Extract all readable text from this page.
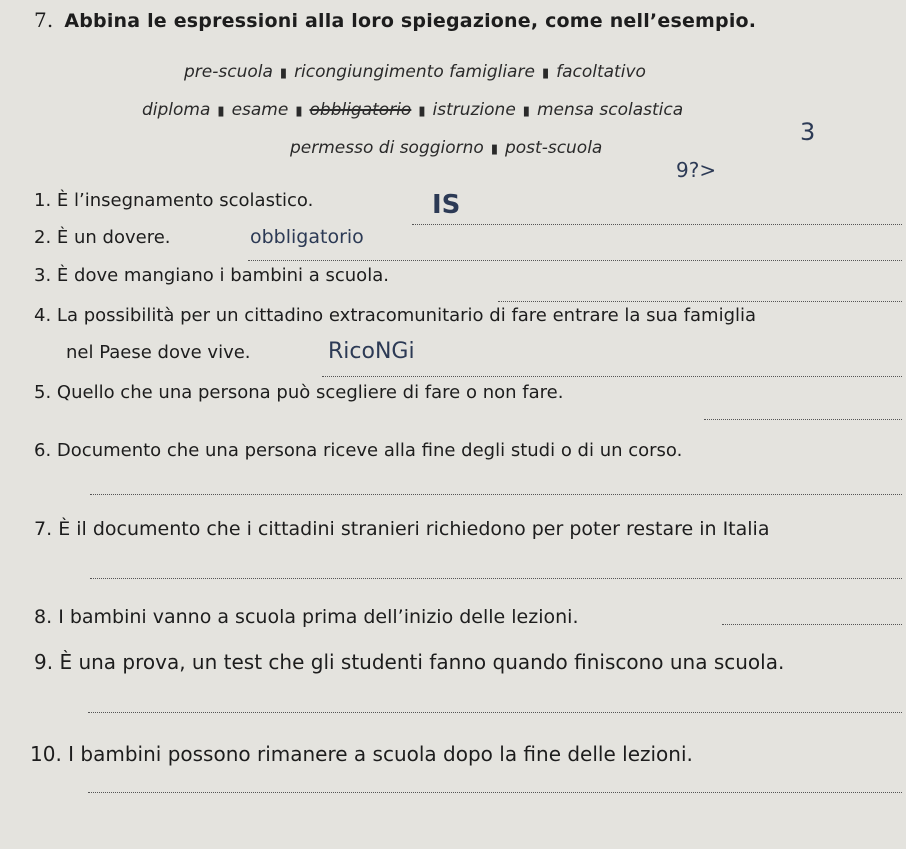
7. Abbina le espressioni alla loro spiegazione, come nell’esempio.
pre-scuola ▮ ricongiungimento famigliare ▮ facoltativo
diploma ▮ esame ▮ obbligatorio ▮ istruzione ▮ mensa scolastica
permesso di soggiorno ▮ post-scuola
3
9?>
1. È l’insegnamento scolastico.	IS
2. È un dovere.	obbligatorio
3. È dove mangiano i bambini a scuola.
4. La possibilità per un cittadino extracomunitario di fare entrare la sua famiglia
nel Paese dove vive.	RicoNGi
5. Quello che una persona può scegliere di fare o non fare.
6. Documento che una persona riceve alla fine degli studi o di un corso.
7. È il documento che i cittadini stranieri richiedono per poter restare in Italia
8. I bambini vanno a scuola prima dell’inizio delle lezioni.
9. È una prova, un test che gli studenti fanno quando finiscono una scuola.
10. I bambini possono rimanere a scuola dopo la fine delle lezioni.
